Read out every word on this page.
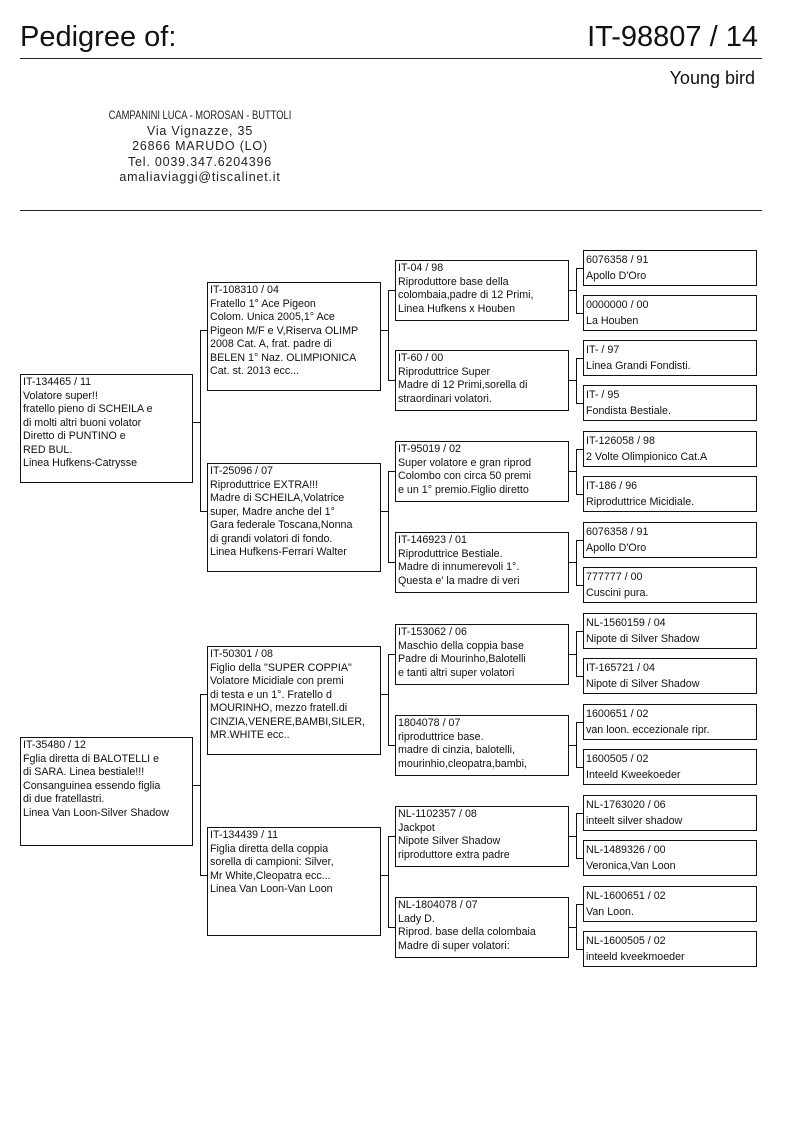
Pedigree of:	IT-98807 / 14
Young bird
CAMPANINI LUCA - MOROSAN - BUTTOLI
Via Vignazze, 35
26866 MARUDO (LO)
Tel. 0039.347.6204396
amaliaviaggi@tiscalinet.it
IT-134465 / 11
Volatore super!!
fratello pieno di SCHEILA e
di molti altri buoni volator
Diretto di PUNTINO e
RED BUL.
Linea Hufkens-Catrysse
IT-35480 / 12
Fglia diretta di BALOTELLI e
di SARA. Linea bestiale!!!
Consanguinea essendo figlia
di due fratellastri.
Linea Van Loon-Silver Shadow
IT-108310 / 04
Fratello 1° Ace Pigeon
Colom. Unica 2005,1° Ace
Pigeon M/F e V,Riserva OLIMP
2008 Cat. A, frat. padre di
BELEN 1° Naz. OLIMPIONICA
Cat. st. 2013 ecc...
IT-25096 / 07
Riproduttrice EXTRA!!!
Madre di SCHEILA,Volatrice
super, Madre anche del 1°
Gara federale Toscana,Nonna
di grandi volatori di fondo.
Linea Hufkens-Ferrari Walter
IT-50301 / 08
Figlio della "SUPER COPPIA"
Volatore Micidiale con premi
di testa e un 1°. Fratello d
MOURINHO, mezzo fratell.di
CINZIA,VENERE,BAMBI,SILER,
MR.WHITE ecc..
IT-134439 / 11
Figlia diretta della coppia
sorella di campioni: Silver,
Mr White,Cleopatra ecc...
Linea Van Loon-Van Loon
IT-04 / 98
Riproduttore base della
colombaia,padre di 12 Primi,
Linea Hufkens x Houben
IT-60 / 00
Riproduttrice Super
Madre di 12 Primi,sorella di
straordinari volatori.
IT-95019 / 02
Super volatore e gran riprod
Colombo con circa 50 premi
e un 1° premio.Figlio diretto
IT-146923 / 01
Riproduttrice Bestiale.
Madre di innumerevoli 1°.
Questa e' la madre di veri
IT-153062 / 06
Maschio della coppia base
Padre di Mourinho,Balotelli
e tanti altri super volatori
1804078 / 07
riproduttrice base.
madre di cinzia, balotelli,
mourinhio,cleopatra,bambi,
NL-1102357 / 08
Jackpot
Nipote Silver Shadow
riproduttore extra padre
NL-1804078 / 07
Lady D.
Riprod. base della colombaia
Madre di super volatori:
6076358 / 91
Apollo D'Oro
0000000 / 00
La Houben
IT- / 97
Linea Grandi Fondisti.
IT- / 95
Fondista Bestiale.
IT-126058 / 98
2 Volte Olimpionico Cat.A
IT-186 / 96
Riproduttrice Micidiale.
6076358 / 91
Apollo D'Oro
777777 / 00
Cuscini pura.
NL-1560159 / 04
Nipote di Silver Shadow
IT-165721 / 04
Nipote di Silver Shadow
1600651 / 02
van loon. eccezionale ripr.
1600505 / 02
Inteeld Kweekoeder
NL-1763020 / 06
inteelt silver shadow
NL-1489326 / 00
Veronica,Van Loon
NL-1600651 / 02
Van Loon.
NL-1600505 / 02
inteeld kveekmoeder
